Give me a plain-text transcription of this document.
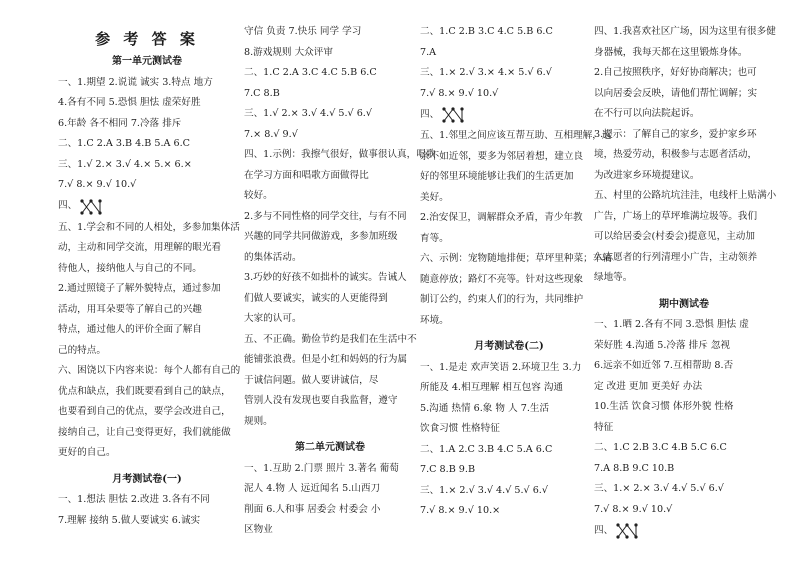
参 考 答 案
第一单元测试卷
一、1.期望 2.说谎 诚实 3.特点 地方
4.各有不同 5.恐惧 胆怯 虚荣好胜
6.年龄 各不相同 7.冷落 排斥
二、1.C 2.A 3.B 4.B 5.A 6.C
三、1.√ 2.× 3.√ 4.× 5.× 6.×
7.√ 8.× 9.√ 10.√
四、
五、1.学会和不同的人相处，多参加集体活
动，主动和同学交流，用理解的眼光看
待他人，接纳他人与自己的不同。
2.通过照镜子了解外貌特点，通过参加
活动，用耳朵要等了解自己的兴趣
特点，通过他人的评价全面了解自
己的特点。
六、困饶以下内容来说：每个人都有自己的
优点和缺点，我们既要看到自己的缺点，
也要看到自己的优点，要学会改进自己，
接纳自己，让自己变得更好，我们就能做
更好的自己。
月考测试卷(一)
一、1.想法 胆怯 2.改进 3.各有不同
7.理解 接纳 5.做人要诚实 6.诚实
守信 负责 7.快乐 同学 学习
8.游戏规则 大众评审
二、1.C 2.A 3.C 4.C 5.B 6.C
7.C 8.B
三、1.√ 2.× 3.√ 4.√ 5.√ 6.√
7.× 8.√ 9.√
四、1.示例：我擦气很好，做事很认真，唱歌
在学习方面和唱歌方面做得比
较好。
2.多与不同性格的同学交往，与有不同
兴趣的同学共同做游戏，多参加班级
的集体活动。
3.巧妙的好孩不如拙朴的诚实。告诫人
们做人要诚实，诚实的人更能得到
大家的认可。
五、不正确。勤俭节约是我们在生活中不
能铺张浪费。但是小红和妈妈的行为属
于诚信问题。做人要讲诚信，尽
管别人没有发现也要自我监督，遵守
规则。
第二单元测试卷
一、1.互助 2.门票 照片 3.著名 葡萄
泥人 4.物 人 远近闻名 5.山西刀
削面 6.人和事 居委会 村委会 小
区物业
二、1.C 2.B 3.C 4.C 5.B 6.C
7.A
三、1.× 2.√ 3.× 4.× 5.√ 6.√
7.√ 8.× 9.√ 10.√
四、
五、1.邻里之间应该互帮互助、互相理解，远
亲不如近邻，要多为邻居着想，建立良
好的邻里环境能够让我们的生活更加
美好。
2.治安保卫，调解群众矛盾，青少年教
育等。
六、示例：宠物随地排便；草坪里种菜；车辆
随意停放；路灯不亮等。针对这些现象
制订公约，约束人们的行为，共同维护
环境。
月考测试卷(二)
一、1.是走 欢声笑语 2.环境卫生 3.力
所能及 4.相互理解 相互包容 沟通
5.沟通 热情 6.象 物 人 7.生活
饮食习惯 性格特征
二、1.A 2.C 3.B 4.C 5.A 6.C
7.C 8.B 9.B
三、1.× 2.√ 3.√ 4.√ 5.√ 6.√
7.√ 8.× 9.√ 10.×
四、1.我喜欢社区广场，因为这里有很多健
身器械，我每天都在这里锻炼身体。
2.自己按照秩序，好好协商解决；也可
以向居委会反映，请他们帮忙调解；实
在不行可以向法院起诉。
3.提示：了解自己的家乡，爱护家乡环
境，热爱劳动，积极参与志愿者活动，
为改进家乡环境提建议。
五、村里的公路坑坑洼洼，电线杆上贴满小
广告，广场上的草坪堆满垃圾等。我们
可以给居委会(村委会)提意见，主动加
入志愿者的行列清理小广告，主动领养
绿地等。
期中测试卷
一、1.晒 2.各有不同 3.恐惧 胆怯 虚
荣好胜 4.沟通 5.冷落 排斥 忽视
6.远亲不如近邻 7.互相帮助 8.否
定 改进 更加 更美好 办法
10.生活 饮食习惯 体形外貌 性格
特征
二、1.C 2.B 3.C 4.B 5.C 6.C
7.A 8.B 9.C 10.B
三、1.× 2.× 3.√ 4.√ 5.√ 6.√
7.√ 8.× 9.√ 10.√
四、
